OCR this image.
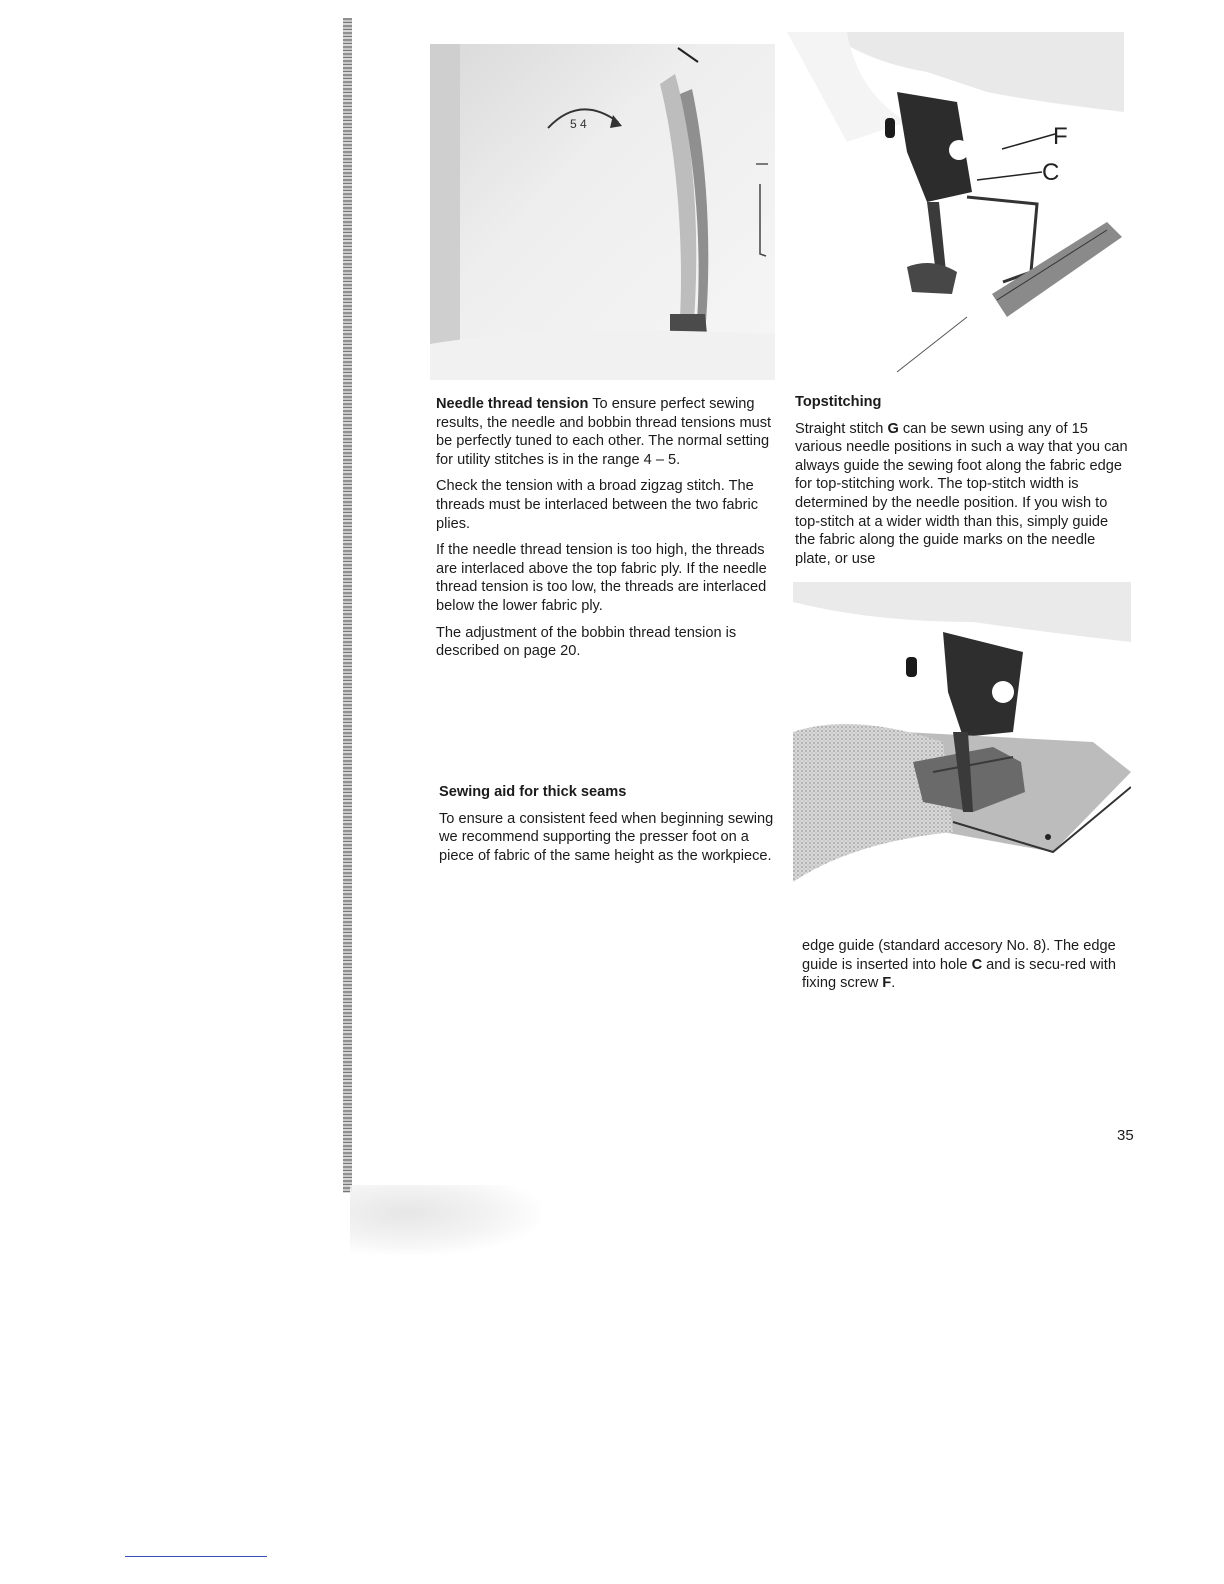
5 4	F
C

Needle thread tension To ensure perfect sewing results, the needle and bobbin thread tensions must be perfectly tuned to each other. The normal setting for utility stitches is in the range 4 – 5.

Check the tension with a broad zigzag stitch. The threads must be interlaced between the two fabric plies.

If the needle thread tension is too high, the threads are interlaced above the top fabric ply. If the needle thread tension is too low, the threads are interlaced below the lower fabric ply.

The adjustment of the bobbin thread tension is described on page 20.

Sewing aid for thick seams

To ensure a consistent feed when beginning sewing we recommend supporting the presser foot on a piece of fabric of the same height as the workpiece.

Topstitching

Straight stitch G can be sewn using any of 15 various needle positions in such a way that you can always guide the sewing foot along the fabric edge for top-stitching work. The top-stitch width is determined by the needle position. If you wish to top-stitch at a wider width than this, simply guide the fabric along the guide marks on the needle plate, or use

edge guide (standard accesory No. 8). The edge guide is inserted into hole C and is secu-red with fixing screw F.

35
